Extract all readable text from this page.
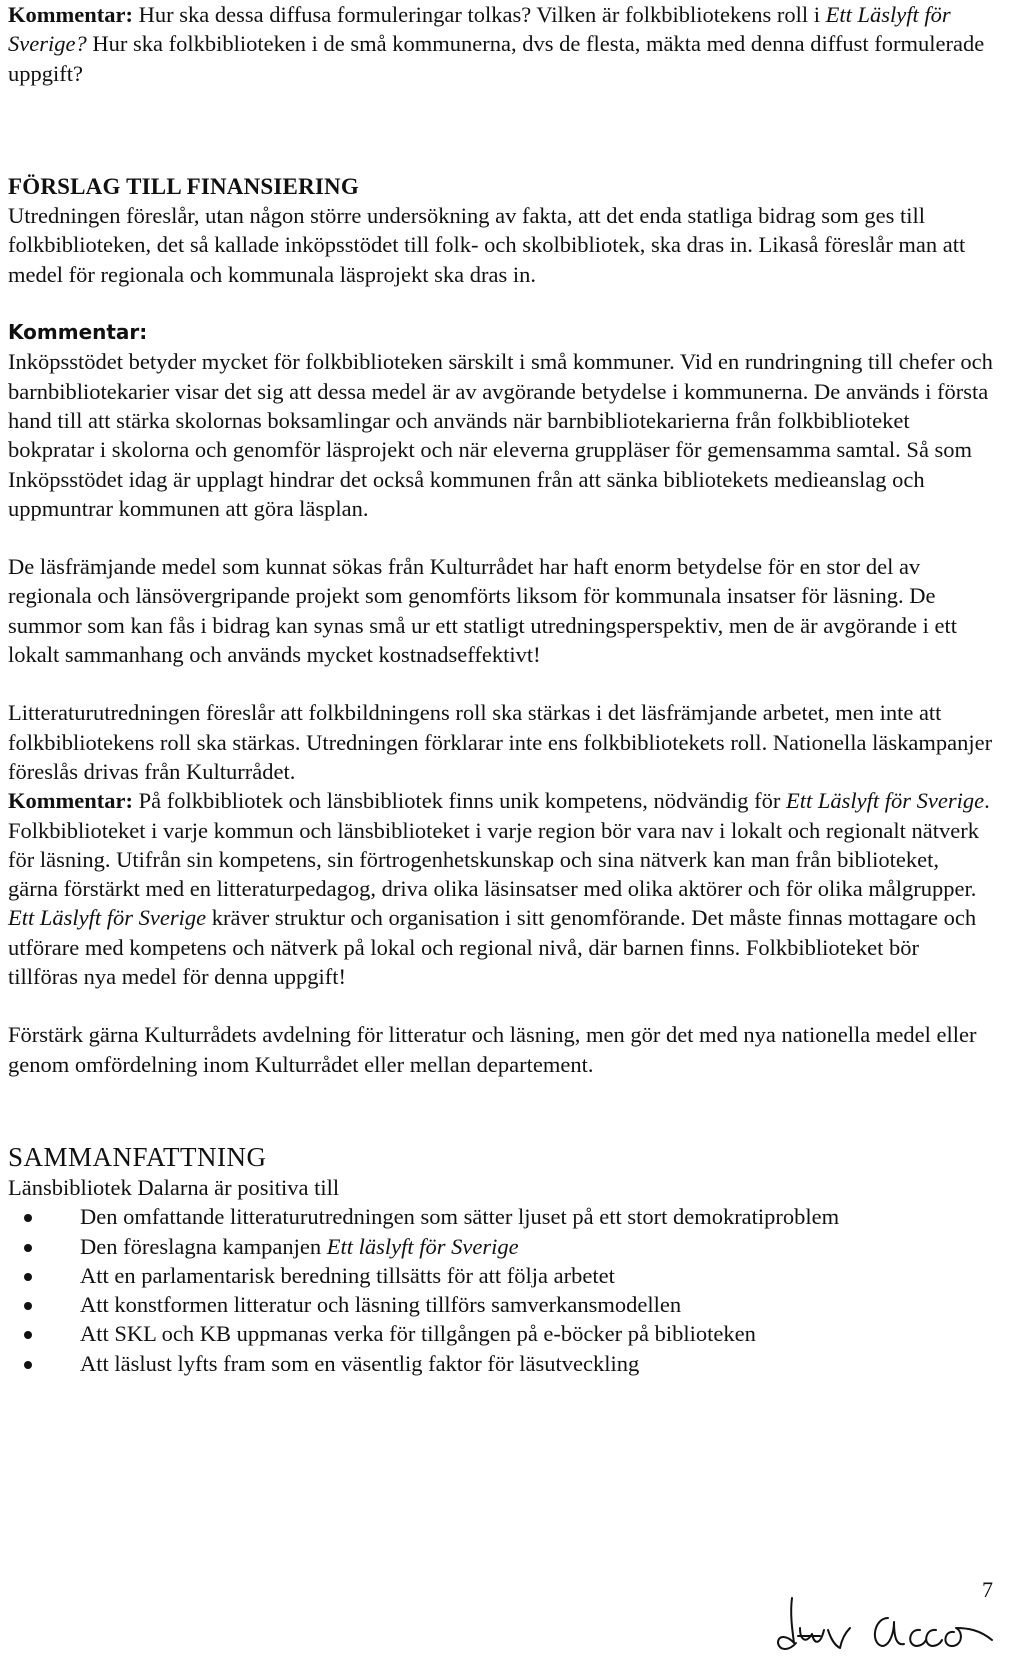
Kommentar: Hur ska dessa diffusa formuleringar tolkas? Vilken är folkbibliotekens roll i Ett Läslyft för Sverige? Hur ska folkbiblioteken i de små kommunerna, dvs de flesta, mäkta med denna diffust formulerade uppgift?

FÖRSLAG TILL FINANSIERING

Utredningen föreslår, utan någon större undersökning av fakta, att det enda statliga bidrag som ges till folkbiblioteken, det så kallade inköpsstödet till folk- och skolbibliotek, ska dras in. Likaså föreslår man att medel för regionala och kommunala läsprojekt ska dras in.

Kommentar:

Inköpsstödet betyder mycket för folkbiblioteken särskilt i små kommuner. Vid en rundringning till chefer och barnbibliotekarier visar det sig att dessa medel är av avgörande betydelse i kommunerna. De används i första hand till att stärka skolornas boksamlingar och används när barnbibliotekarierna från folkbiblioteket bokpratar i skolorna och genomför läsprojekt och när eleverna gruppläser för gemensamma samtal. Så som Inköpsstödet idag är upplagt hindrar det också kommunen från att sänka bibliotekets medieanslag och uppmuntrar kommunen att göra läsplan.

De läsfrämjande medel som kunnat sökas från Kulturrådet har haft enorm betydelse för en stor del av regionala och länsövergripande projekt som genomförts liksom för kommunala insatser för läsning. De summor som kan fås i bidrag kan synas små ur ett statligt utredningsperspektiv, men de är avgörande i ett lokalt sammanhang och används mycket kostnadseffektivt!

Litteraturutredningen föreslår att folkbildningens roll ska stärkas i det läsfrämjande arbetet, men inte att folkbibliotekens roll ska stärkas. Utredningen förklarar inte ens folkbibliotekets roll. Nationella läskampanjer föreslås drivas från Kulturrådet.

Kommentar: På folkbibliotek och länsbibliotek finns unik kompetens, nödvändig för Ett Läslyft för Sverige. Folkbiblioteket i varje kommun och länsbiblioteket i varje region bör vara nav i lokalt och regionalt nätverk för läsning. Utifrån sin kompetens, sin förtrogenhetskunskap och sina nätverk kan man från biblioteket, gärna förstärkt med en litteraturpedagog, driva olika läsinsatser med olika aktörer och för olika målgrupper. Ett Läslyft för Sverige kräver struktur och organisation i sitt genomförande. Det måste finnas mottagare och utförare med kompetens och nätverk på lokal och regional nivå, där barnen finns. Folkbiblioteket bör tillföras nya medel för denna uppgift!

Förstärk gärna Kulturrådets avdelning för litteratur och läsning, men gör det med nya nationella medel eller genom omfördelning inom Kulturrådet eller mellan departement.

SAMMANFATTNING

Länsbibliotek Dalarna är positiva till

Den omfattande litteraturutredningen som sätter ljuset på ett stort demokratiproblem
Den föreslagna kampanjen Ett läslyft för Sverige
Att en parlamentarisk beredning tillsätts för att följa arbetet
Att konstformen litteratur och läsning tillförs samverkansmodellen
Att SKL och KB uppmanas verka för tillgången på e-böcker på biblioteken
Att läslust lyfts fram som en väsentlig faktor för läsutveckling
7
